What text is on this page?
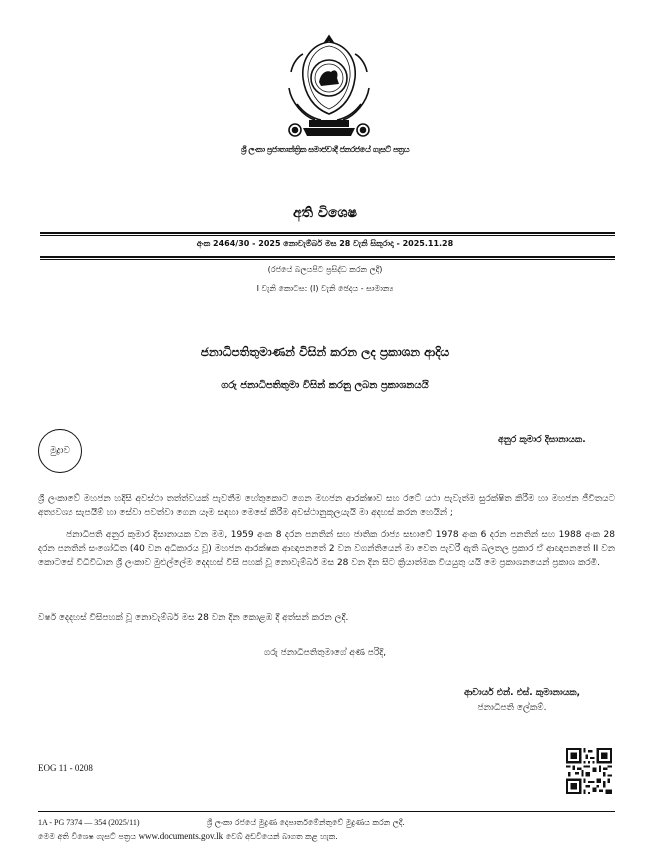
ශ්‍රී ලංකා ප්‍රජාතාන්ත්‍රික සමාජවාදී ජනරජයේ ගැසට් පත්‍රය
අති විශෙෂ
අංක 2464/30 - 2025 නොවැම්බර් මස 28 වැනි සිකුරාදා - 2025.11.28
(රජයේ බලයපිට ප්‍රසිද්ධ කරන ලදී)
I වැනි කොටස: (I) වැනි ඡෙදය - සාමාන්‍ය
ජනාධිපතිතුමාණන් විසින් කරන ලද ප්‍රකාශන ආදිය
ගරු ජනාධිපතිතුමා විසින් කරනු ලබන ප්‍රකාශනයයි
මුද්‍රාව
අනුර කුමාර දිසානායක.
ශ්‍රී ලංකාවේ මහජන හදිසි අවස්ථා තත්ත්වයක් පැවතීම හේතුකොට ගෙන මහජන ආරක්ෂාව සහ රටේ යථා පැවැත්ම සුරක්ෂිත කිරීම හා මහජන ජීවිතයට අත්‍යවශ්‍ය සැපයීම් හා සේවා පවත්වා ගෙන යෑම සඳහා මෙසේ කිරීම අවස්ථානුකූලයැයි මා අදහස් කරන හෙයින් ;
ජනාධිපති අනුර කුමාර දිසානායක වන මම, 1959 අංක 8 දරන පනතින් සහ ජාතික රාජ්‍ය සභාවේ 1978 අංක 6 දරන පනතින් සහ 1988 අංක 28 දරන පනතින් සංශෝධිත (40 වන අධිකාරය වූ) මහජන ආරක්ෂක ආඥාපනතේ 2 වන වගන්තියෙන් මා වෙත පැවරී ඇති බලතල ප්‍රකාර ඒ ආඥාපනතේ II වන කොටසේ විධිවිධාන ශ්‍රී ලංකාව මුළුල්ලේම දෙදහස් විසි පහක් වූ නොවැම්බර් මස 28 වන දින සිට ක්‍රියාත්මක වියයුතු යයි මෙ ප්‍රකාශනයෙන් ප්‍රකාශ කරමි.
වර්ෂ දෙදහස් විසිපහක් වූ නොවැම්බර් මස 28 වන දින කොළඹ දී අත්සන් කරන ලදී.
ගරු ජනාධිපතිතුමාගේ අණ පරිදි,
ආචාර්ය එන්. එස්. කුමානායක,
ජනාධිපති ලේකම්.
EOG 11 - 0208
1A - PG 7374 — 354 (2025/11)	ශ්‍රී ලංකා රජයේ මුද්‍රණ දෙපාර්තමේන්තුවේ මුද්‍රණය කරන ලදී.
මෙම අති විශෙෂ ගැසට් පත්‍රය www.documents.gov.lk වෙබ් අඩවියෙන් බාගත කළ හැක.
